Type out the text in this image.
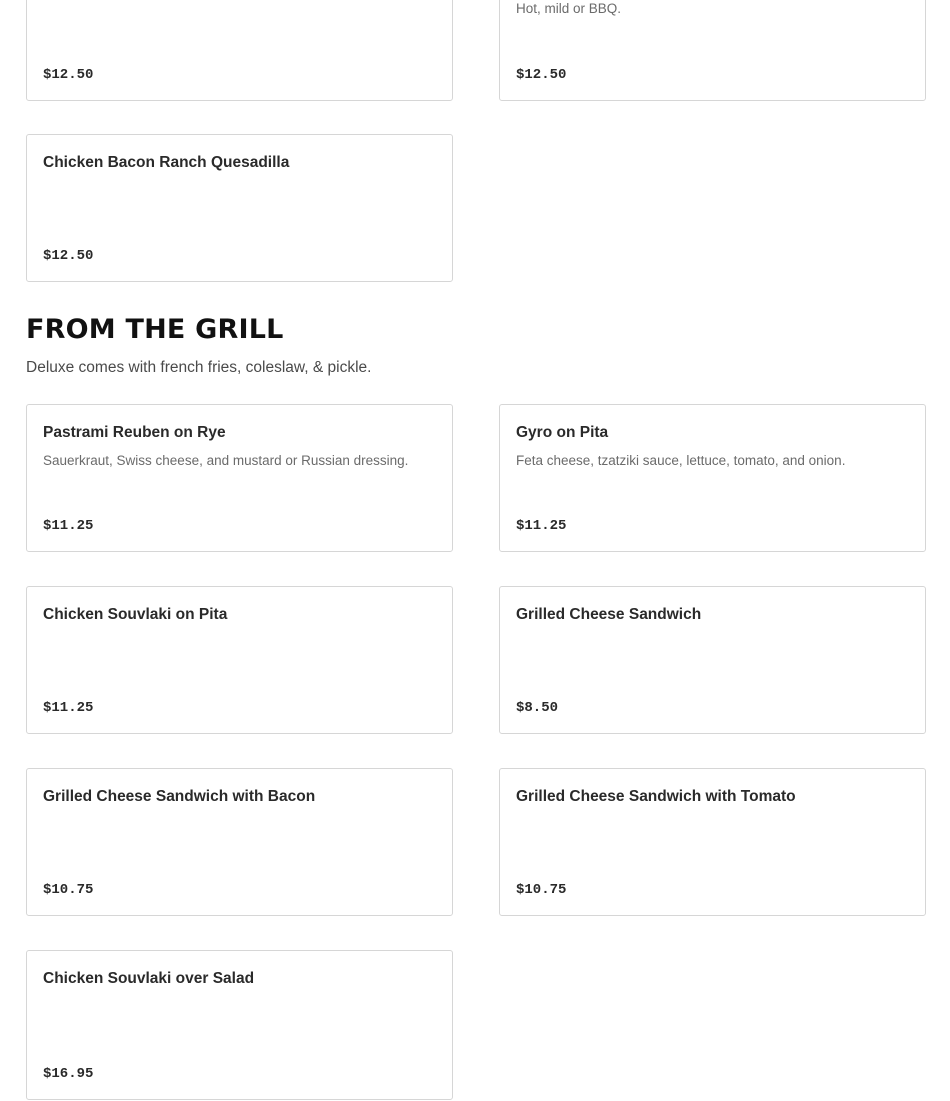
$12.50
Hot, mild or BBQ.
$12.50
Chicken Bacon Ranch Quesadilla
$12.50
FROM THE GRILL
Deluxe comes with french fries, coleslaw, & pickle.
Pastrami Reuben on Rye
Sauerkraut, Swiss cheese, and mustard or Russian dressing.
$11.25
Gyro on Pita
Feta cheese, tzatziki sauce, lettuce, tomato, and onion.
$11.25
Chicken Souvlaki on Pita
$11.25
Grilled Cheese Sandwich
$8.50
Grilled Cheese Sandwich with Bacon
$10.75
Grilled Cheese Sandwich with Tomato
$10.75
Chicken Souvlaki over Salad
$16.95
